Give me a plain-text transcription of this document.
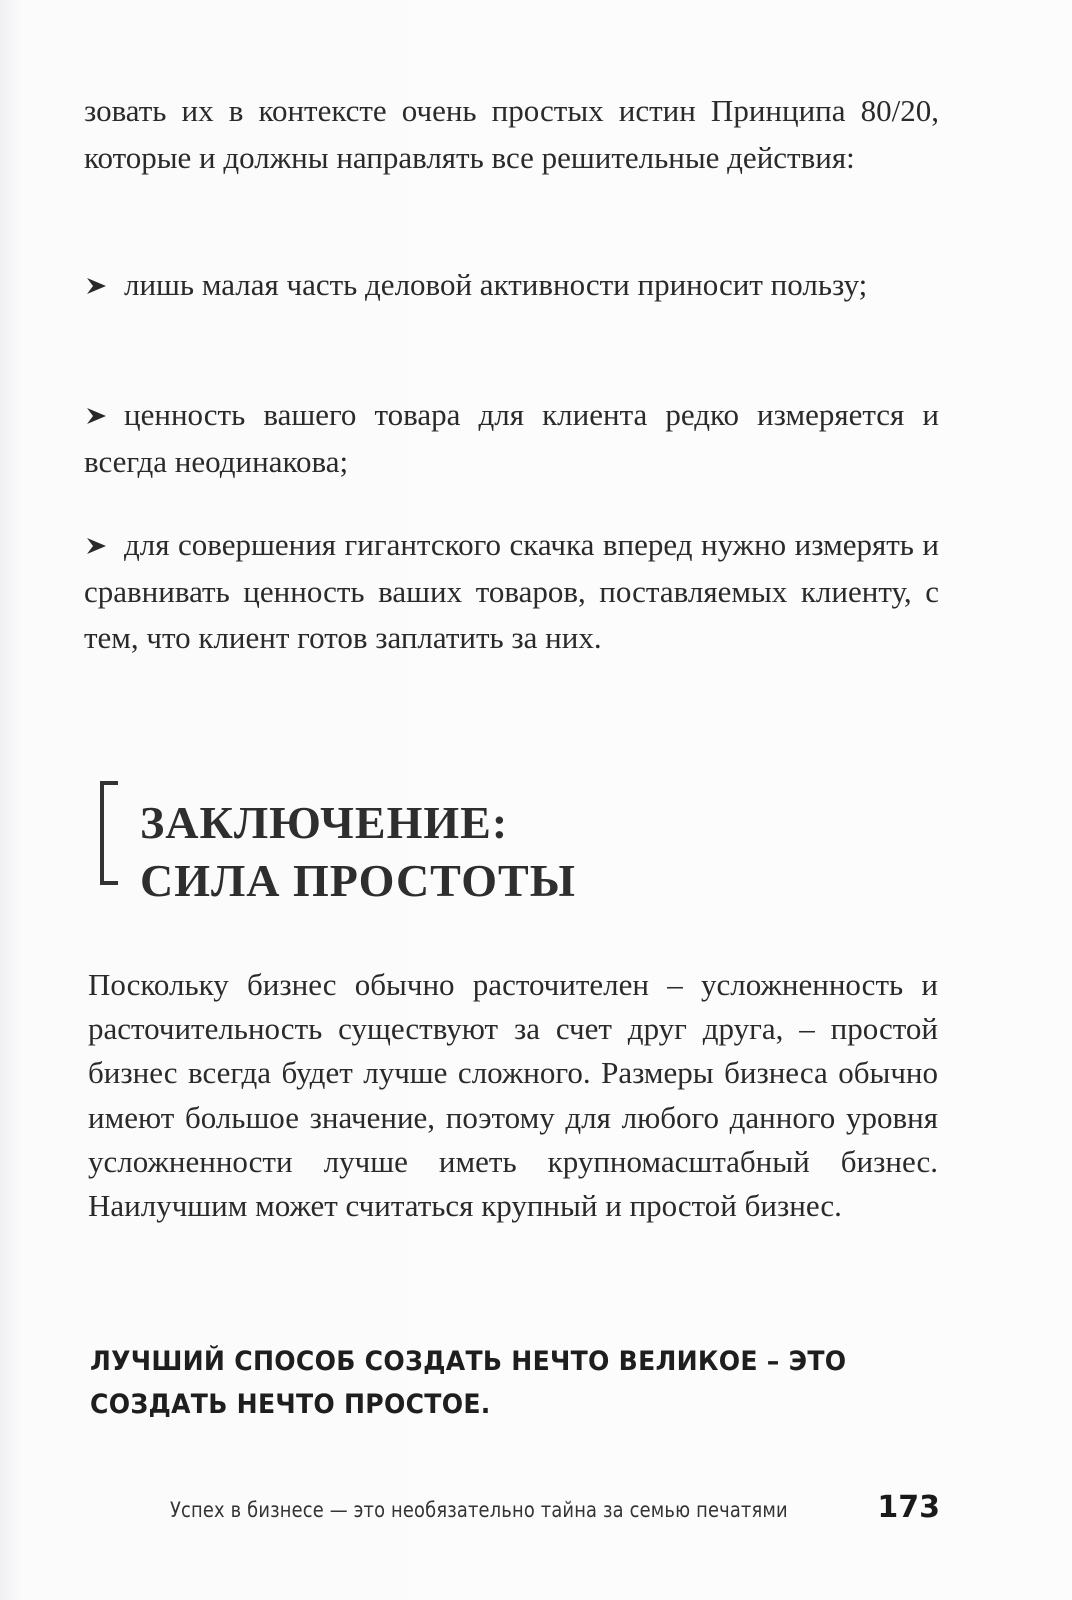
зовать их в контексте очень простых истин Принципа 80/20, которые и должны направлять все решительные действия:

лишь малая часть деловой активности приносит пользу;

ценность вашего товара для клиента редко измеряется и всегда неодинакова;

для совершения гигантского скачка вперед нужно измерять и сравнивать ценность ваших товаров, поставляемых клиенту, с тем, что клиент готов заплатить за них.

ЗАКЛЮЧЕНИЕ:
СИЛА ПРОСТОТЫ

Поскольку бизнес обычно расточителен – усложненность и расточительность существуют за счет друг друга, – простой бизнес всегда будет лучше сложного. Размеры бизнеса обычно имеют большое значение, поэтому для любого данного уровня усложненности лучше иметь крупномасштабный бизнес. Наилучшим может считаться крупный и простой бизнес.

ЛУЧШИЙ СПОСОБ СОЗДАТЬ НЕЧТО ВЕЛИКОЕ – ЭТО СОЗДАТЬ НЕЧТО ПРОСТОЕ.

Успех в бизнесе — это необязательно тайна за семью печатями	173
